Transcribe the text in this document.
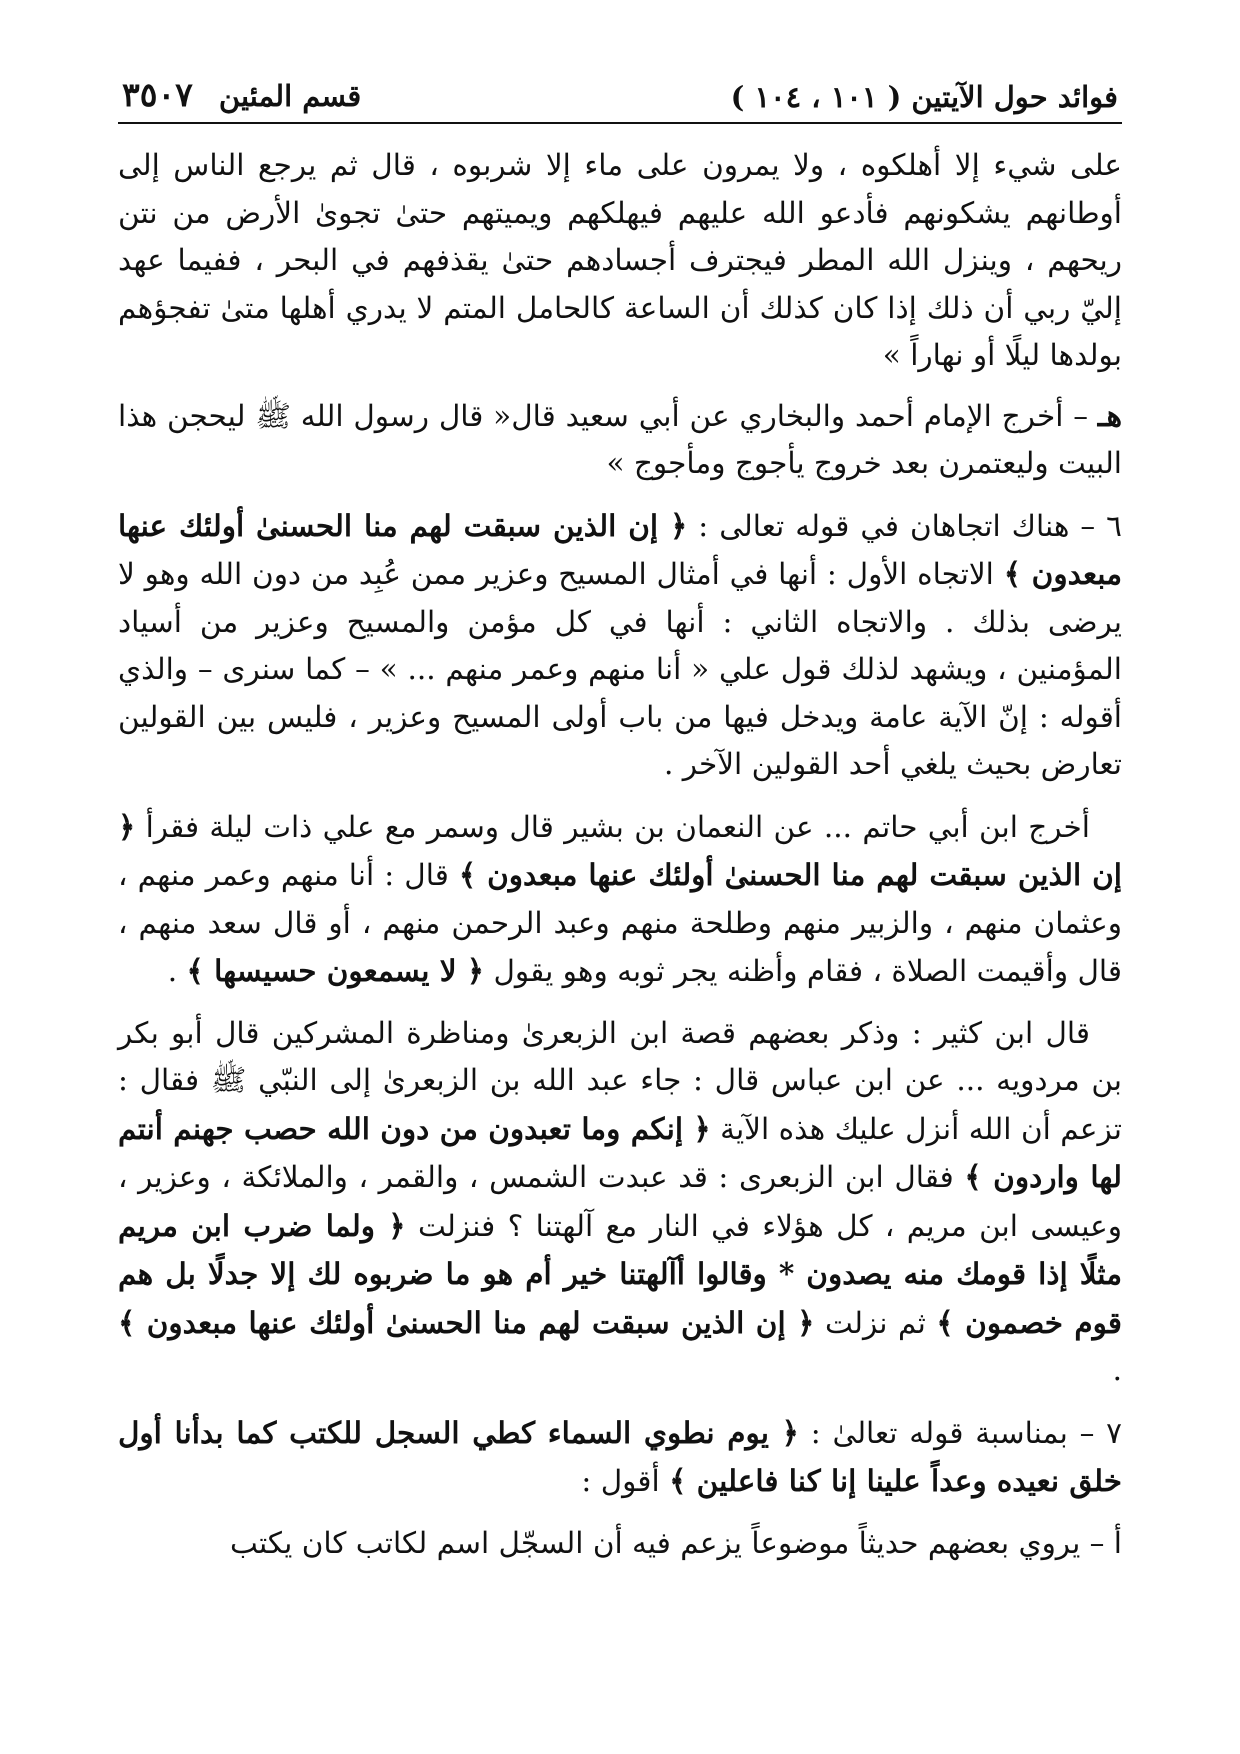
فوائد حول الآيتين ( ١٠١ ، ١٠٤ )
قسم المئين
٣٥٠٧

على شيء إلا أهلكوه ، ولا يمرون على ماء إلا شربوه ، قال ثم يرجع الناس إلى أوطانهم يشكونهم فأدعو الله عليهم فيهلكهم ويميتهم حتىٰ تجوىٰ الأرض من نتن ريحهم ، وينزل الله المطر فيجترف أجسادهم حتىٰ يقذفهم في البحر ، ففيما عهد إليّ ربي أن ذلك إذا كان كذلك أن الساعة كالحامل المتم لا يدري أهلها متىٰ تفجؤهم بولدها ليلًا أو نهاراً »

هـ – أخرج الإمام أحمد والبخاري عن أبي سعيد قال« قال رسول الله ﷺ ليحجن هذا البيت وليعتمرن بعد خروج يأجوج ومأجوج »

٦ – هناك اتجاهان في قوله تعالى : ﴿ إن الذين سبقت لهم منا الحسنىٰ أولئك عنها مبعدون ﴾ الاتجاه الأول : أنها في أمثال المسيح وعزير ممن عُبِد من دون الله وهو لا يرضى بذلك . والاتجاه الثاني : أنها في كل مؤمن والمسيح وعزير من أسياد المؤمنين ، ويشهد لذلك قول علي « أنا منهم وعمر منهم ... » – كما سنرى – والذي أقوله : إنّ الآية عامة ويدخل فيها من باب أولى المسيح وعزير ، فليس بين القولين تعارض بحيث يلغي أحد القولين الآخر .

أخرج ابن أبي حاتم ... عن النعمان بن بشير قال وسمر مع علي ذات ليلة فقرأ ﴿ إن الذين سبقت لهم منا الحسنىٰ أولئك عنها مبعدون ﴾ قال : أنا منهم وعمر منهم ، وعثمان منهم ، والزبير منهم وطلحة منهم وعبد الرحمن منهم ، أو قال سعد منهم ، قال وأقيمت الصلاة ، فقام وأظنه يجر ثوبه وهو يقول ﴿ لا يسمعون حسيسها ﴾ .

قال ابن كثير : وذكر بعضهم قصة ابن الزبعرىٰ ومناظرة المشركين قال أبو بكر بن مردويه ... عن ابن عباس قال : جاء عبد الله بن الزبعرىٰ إلى النبّي ﷺ فقال : تزعم أن الله أنزل عليك هذه الآية ﴿ إنكم وما تعبدون من دون الله حصب جهنم أنتم لها واردون ﴾ فقال ابن الزبعرى : قد عبدت الشمس ، والقمر ، والملائكة ، وعزير ، وعيسى ابن مريم ، كل هؤلاء في النار مع آلهتنا ؟ فنزلت ﴿ ولما ضرب ابن مريم مثلًا إذا قومك منه يصدون * وقالوا أآلهتنا خير أم هو ما ضربوه لك إلا جدلًا بل هم قوم خصمون ﴾ ثم نزلت ﴿ إن الذين سبقت لهم منا الحسنىٰ أولئك عنها مبعدون ﴾ .

٧ – بمناسبة قوله تعالىٰ : ﴿ يوم نطوي السماء كطي السجل للكتب كما بدأنا أول خلق نعيده وعداً علينا إنا كنا فاعلين ﴾ أقول :

أ – يروي بعضهم حديثاً موضوعاً يزعم فيه أن السجّل اسم لكاتب كان يكتب
